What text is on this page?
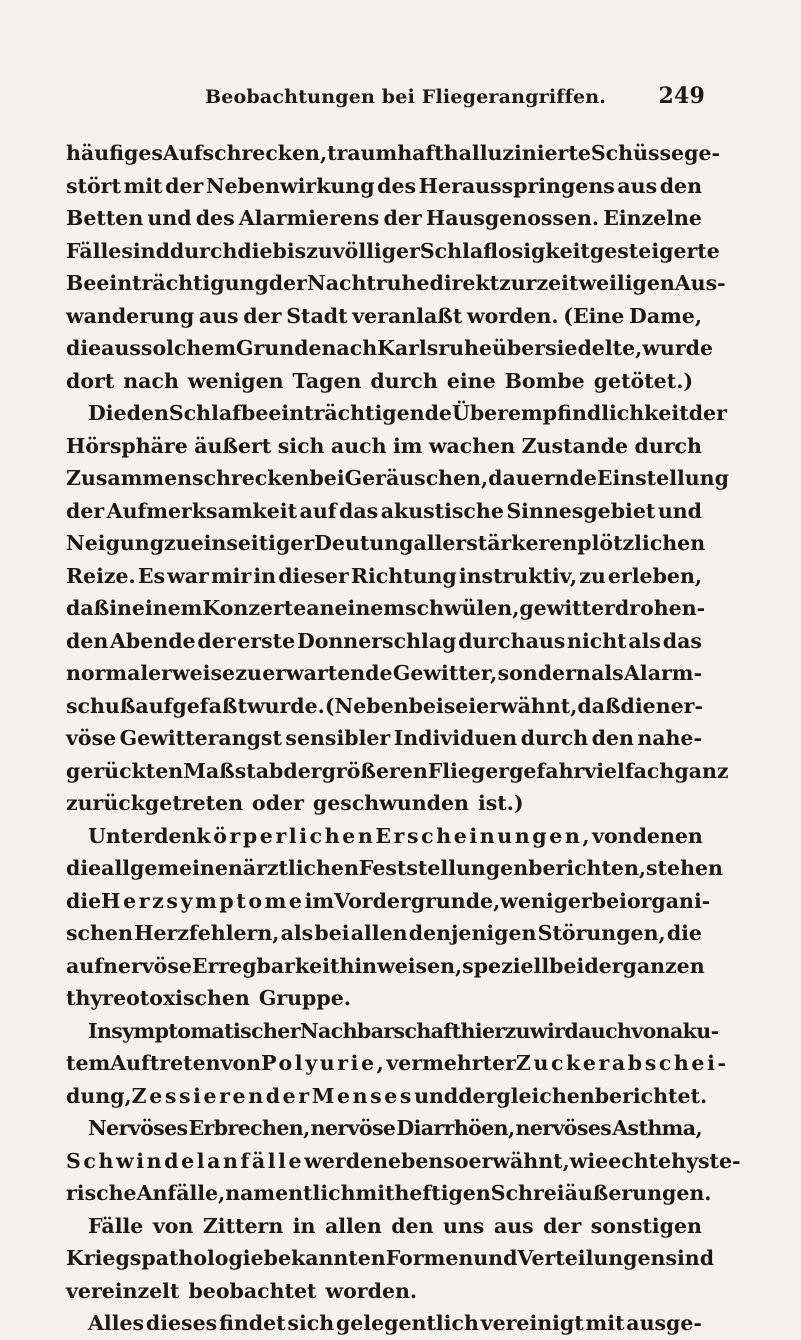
Beobachtungen bei Fliegerangriffen. 249
häufiges Aufschrecken, traumhaft halluzinierte Schüsse ge-
stört mit der Nebenwirkung des Herausspringens aus den
Betten und des Alarmierens der Hausgenossen. Einzelne
Fälle sind durch die bis zu völliger Schlaflosigkeit gesteigerte
Beeinträchtigung der Nachtruhe direkt zur zeitweiligen Aus-
wanderung aus der Stadt veranlaßt worden. (Eine Dame,
die aus solchem Grunde nach Karlsruhe übersiedelte, wurde
dort nach wenigen Tagen durch eine Bombe getötet.)
Die den Schlaf beeinträchtigende Überempfindlichkeit der
Hörsphäre äußert sich auch im wachen Zustande durch
Zusammenschrecken bei Geräuschen, dauernde Einstellung
der Aufmerksamkeit auf das akustische Sinnesgebiet und
Neigung zu einseitiger Deutung aller stärkeren plötzlichen
Reize. Es war mir in dieser Richtung instruktiv, zu erleben,
daß in einem Konzerte an einem schwülen, gewitterdrohen-
den Abende der erste Donnerschlag durchaus nicht als das
normalerweise zu erwartende Gewitter, sondern als Alarm-
schuß aufgefaßt wurde. (Nebenbei sei erwähnt, daß die ner-
vöse Gewitterangst sensibler Individuen durch den nahe-
gerückten Maßstab der größeren Fliegergefahr vielfach ganz
zurückgetreten oder geschwunden ist.)
Unter den körperlichen Erscheinungen, von denen
die allgemeinen ärztlichen Feststellungen berichten, stehen
die Herzsymptome im Vordergrunde, weniger bei organi-
schen Herzfehlern, als bei allen denjenigen Störungen, die
auf nervöse Erregbarkeit hinweisen, speziell bei der ganzen
thyreotoxischen Gruppe.
In symptomatischer Nachbarschaft hierzu wird auch von aku-
tem Auftreten von Polyurie, vermehrter Zuckerabschei-
dung, Zessieren der Menses und dergleichen berichtet.
Nervöses Erbrechen, nervöse Diarrhöen, nervöses Asthma,
Schwindelanfälle werden ebenso erwähnt, wie echte hyste-
rische Anfälle, namentlich mit heftigen Schreiäußerungen.
Fälle von Zittern in allen den uns aus der sonstigen
Kriegspathologie bekannten Formen und Verteilungen sind
vereinzelt beobachtet worden.
Alles dieses findet sich gelegentlich vereinigt mit ausge-
